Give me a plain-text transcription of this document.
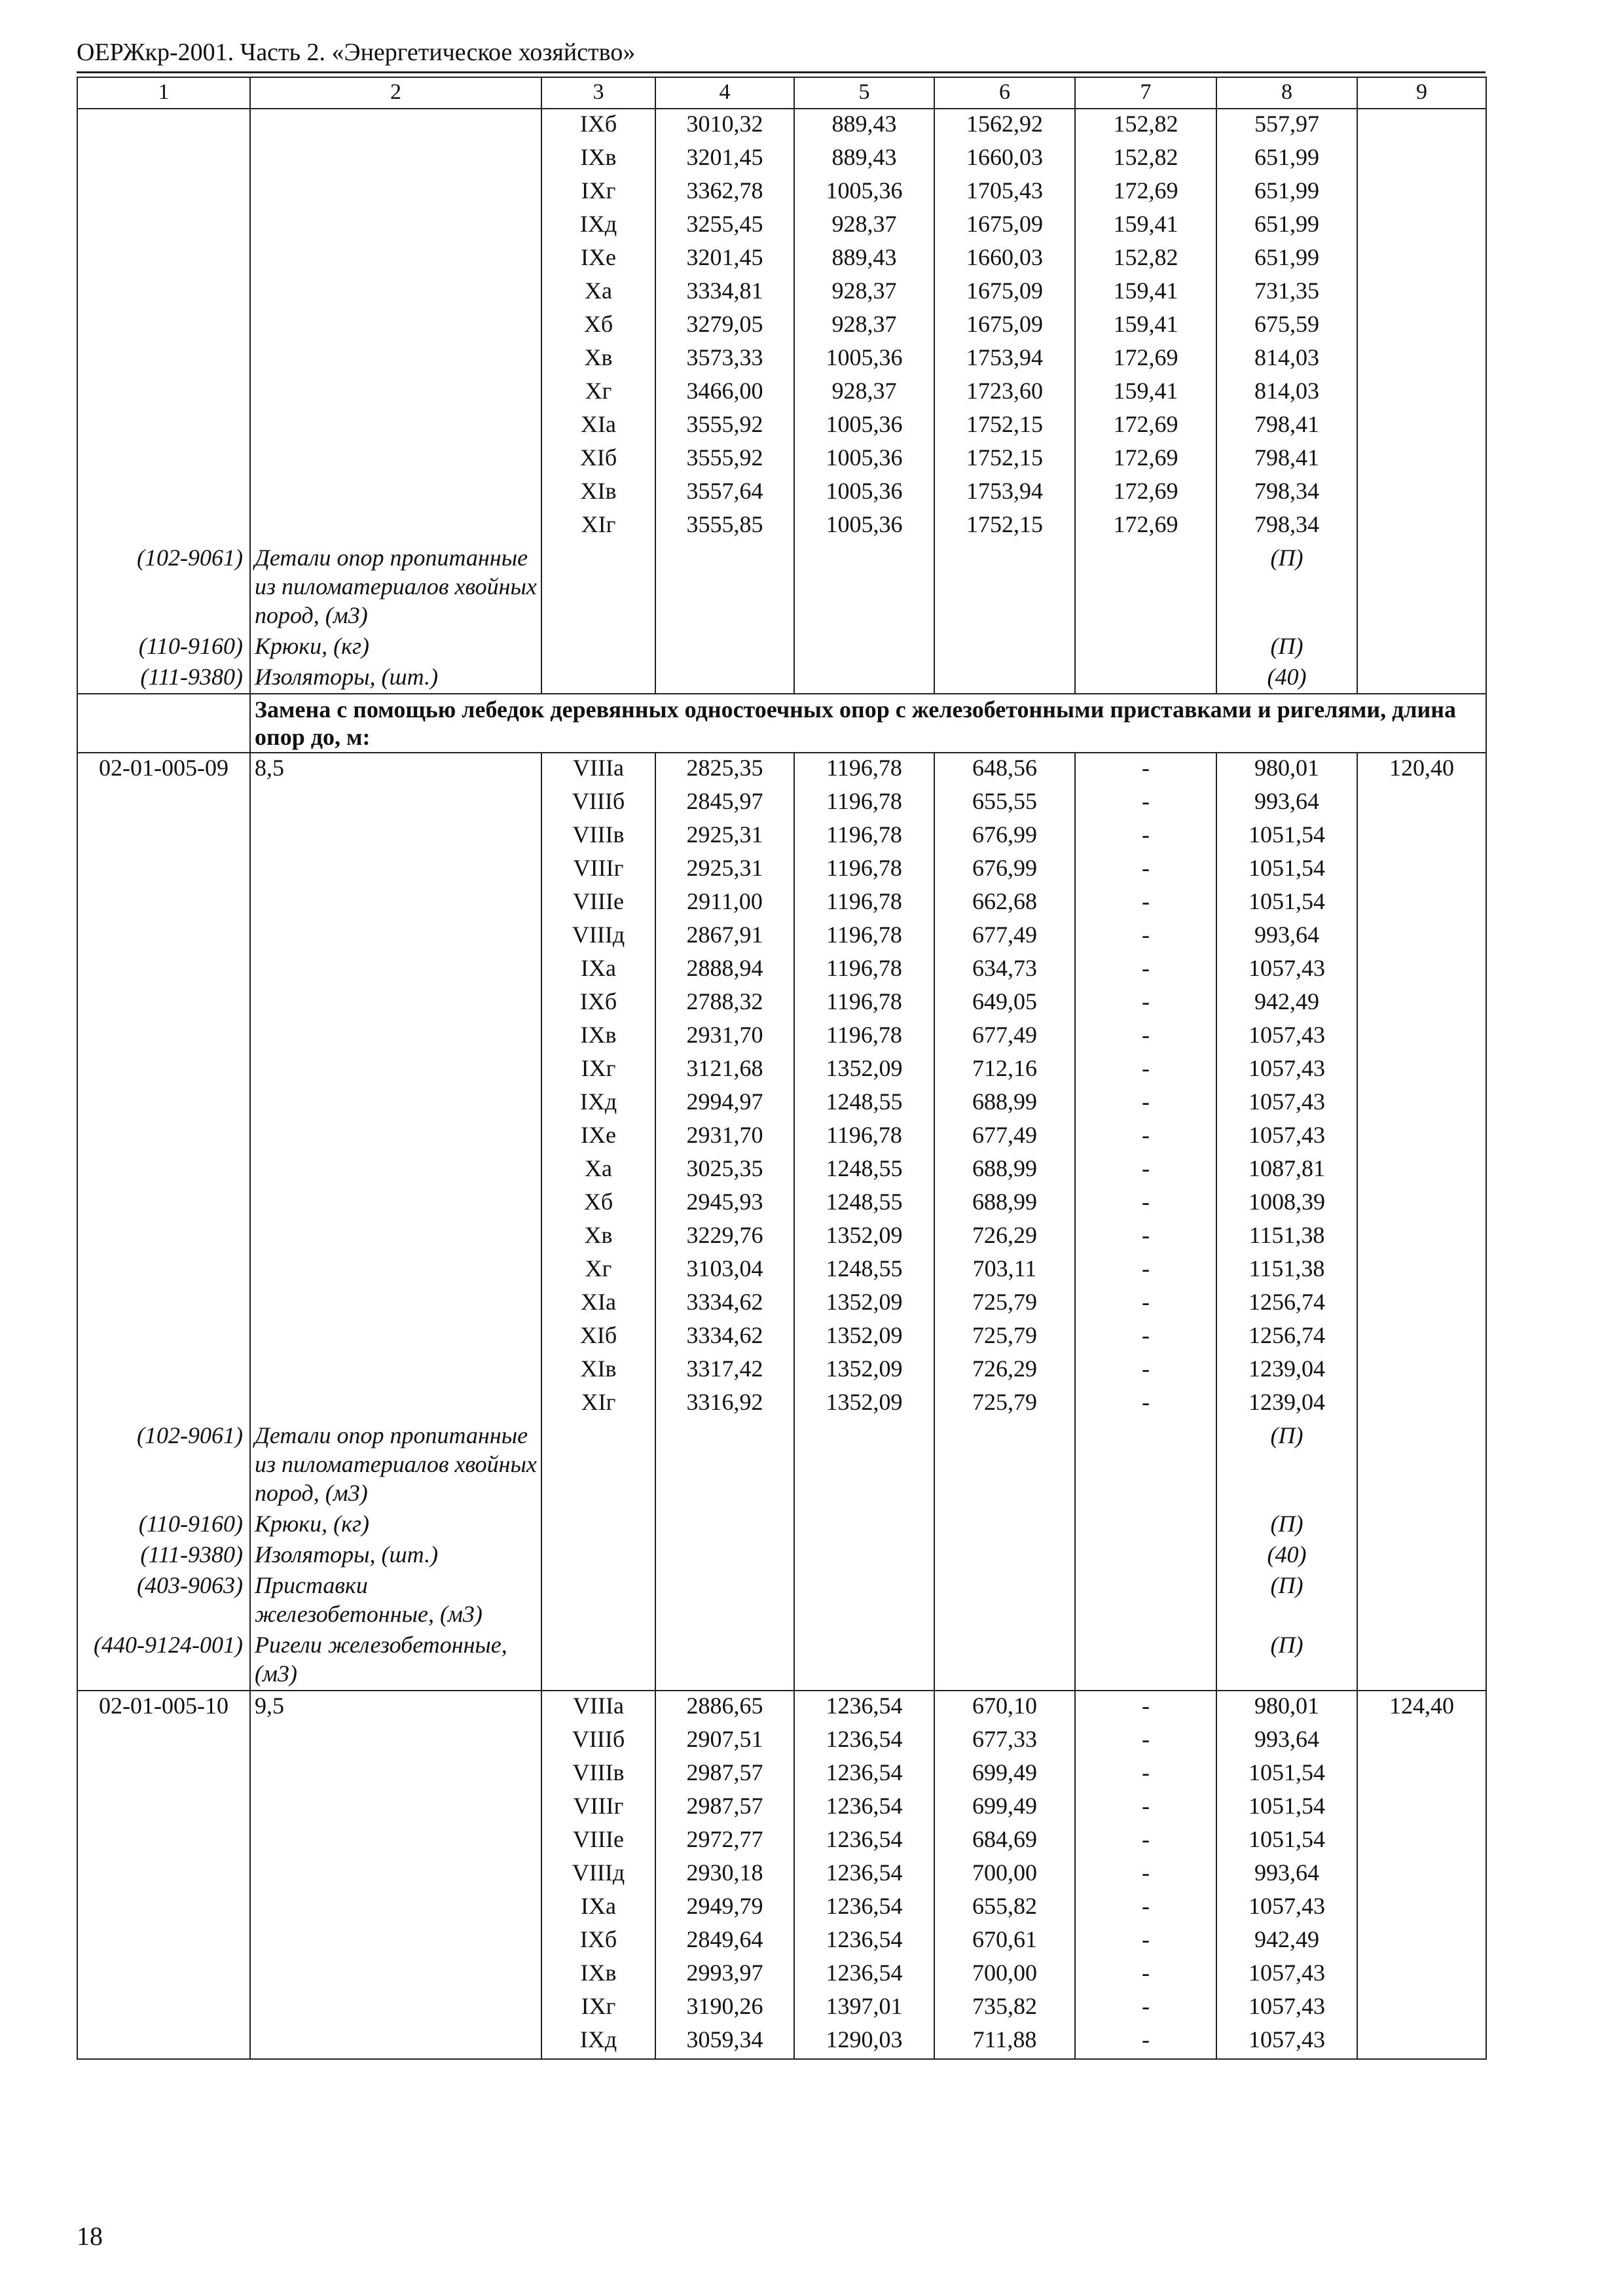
ОЕРЖкр-2001. Часть 2. «Энергетическое хозяйство»
1	2	3	4	5	6	7	8	9
		IXб	3010,32	889,43	1562,92	152,82	557,97	
		IXв	3201,45	889,43	1660,03	152,82	651,99	
		IXг	3362,78	1005,36	1705,43	172,69	651,99	
		IXд	3255,45	928,37	1675,09	159,41	651,99	
		IXе	3201,45	889,43	1660,03	152,82	651,99	
		Xа	3334,81	928,37	1675,09	159,41	731,35	
		Xб	3279,05	928,37	1675,09	159,41	675,59	
		Xв	3573,33	1005,36	1753,94	172,69	814,03	
		Xг	3466,00	928,37	1723,60	159,41	814,03	
		XIа	3555,92	1005,36	1752,15	172,69	798,41	
		XIб	3555,92	1005,36	1752,15	172,69	798,41	
		XIв	3557,64	1005,36	1753,94	172,69	798,34	
		XIг	3555,85	1005,36	1752,15	172,69	798,34	
(102-9061)	Детали опор пропитанные из пиломатериалов хвойных пород, (м3)						(П)	
(110-9160)	Крюки, (кг)						(П)	
(111-9380)	Изоляторы, (шт.)						(40)	
	Замена с помощью лебедок деревянных одностоечных опор с железобетонными приставками и ригелями, длина опор до, м:							
02-01-005-09	8,5	VIIIа	2825,35	1196,78	648,56	-	980,01	120,40
		VIIIб	2845,97	1196,78	655,55	-	993,64	
		VIIIв	2925,31	1196,78	676,99	-	1051,54	
		VIIIг	2925,31	1196,78	676,99	-	1051,54	
		VIIIе	2911,00	1196,78	662,68	-	1051,54	
		VIIIд	2867,91	1196,78	677,49	-	993,64	
		IXа	2888,94	1196,78	634,73	-	1057,43	
		IXб	2788,32	1196,78	649,05	-	942,49	
		IXв	2931,70	1196,78	677,49	-	1057,43	
		IXг	3121,68	1352,09	712,16	-	1057,43	
		IXд	2994,97	1248,55	688,99	-	1057,43	
		IXе	2931,70	1196,78	677,49	-	1057,43	
		Xа	3025,35	1248,55	688,99	-	1087,81	
		Xб	2945,93	1248,55	688,99	-	1008,39	
		Xв	3229,76	1352,09	726,29	-	1151,38	
		Xг	3103,04	1248,55	703,11	-	1151,38	
		XIа	3334,62	1352,09	725,79	-	1256,74	
		XIб	3334,62	1352,09	725,79	-	1256,74	
		XIв	3317,42	1352,09	726,29	-	1239,04	
		XIг	3316,92	1352,09	725,79	-	1239,04	
(102-9061)	Детали опор пропитанные из пиломатериалов хвойных пород, (м3)						(П)	
(110-9160)	Крюки, (кг)						(П)	
(111-9380)	Изоляторы, (шт.)						(40)	
(403-9063)	Приставки железобетонные, (м3)						(П)	
(440-9124-001)	Ригели железобетонные, (м3)						(П)	
02-01-005-10	9,5	VIIIа	2886,65	1236,54	670,10	-	980,01	124,40
		VIIIб	2907,51	1236,54	677,33	-	993,64	
		VIIIв	2987,57	1236,54	699,49	-	1051,54	
		VIIIг	2987,57	1236,54	699,49	-	1051,54	
		VIIIе	2972,77	1236,54	684,69	-	1051,54	
		VIIIд	2930,18	1236,54	700,00	-	993,64	
		IXа	2949,79	1236,54	655,82	-	1057,43	
		IXб	2849,64	1236,54	670,61	-	942,49	
		IXв	2993,97	1236,54	700,00	-	1057,43	
		IXг	3190,26	1397,01	735,82	-	1057,43	
		IXд	3059,34	1290,03	711,88	-	1057,43	
18
